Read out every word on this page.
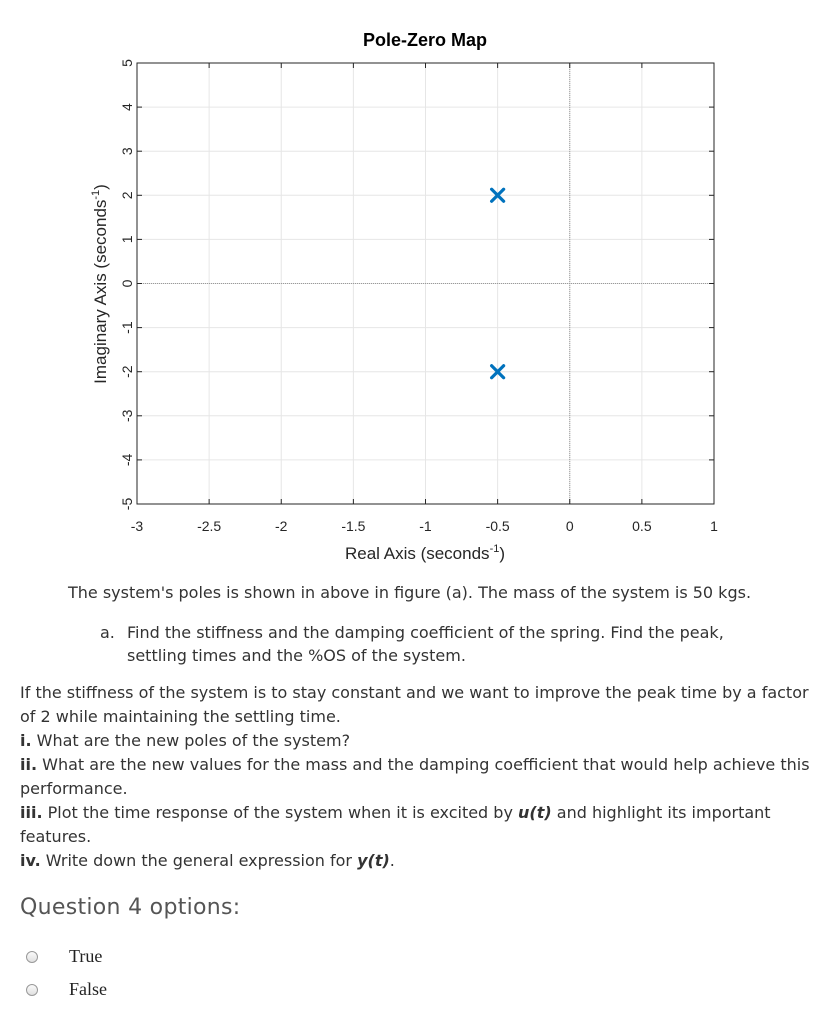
-3	-2.5	-2	-1.5	-1	-0.5	0	0.5	1
-5
-4
-3
-2
-1
0
1
2
3
4
5
Pole-Zero Map
Real Axis (seconds$^{-1}$)
Imaginary Axis (seconds$^{-1}$)
The system's poles is shown in above in figure (a). The mass of the system is 50 kgs.
a. Find the stiffness and the damping coefficient of the spring. Find the peak, settling times and the %OS of the system.

If the stiffness of the system is to stay constant and we want to improve the peak time by a factor of 2 while maintaining the settling time.

i. What are the new poles of the system?

ii. What are the new values for the mass and the damping coefficient that would help achieve this performance.

iii. Plot the time response of the system when it is excited by u(t) and highlight its important features.

iv. Write down the general expression for y(t).

Question 4 options:
True
False
